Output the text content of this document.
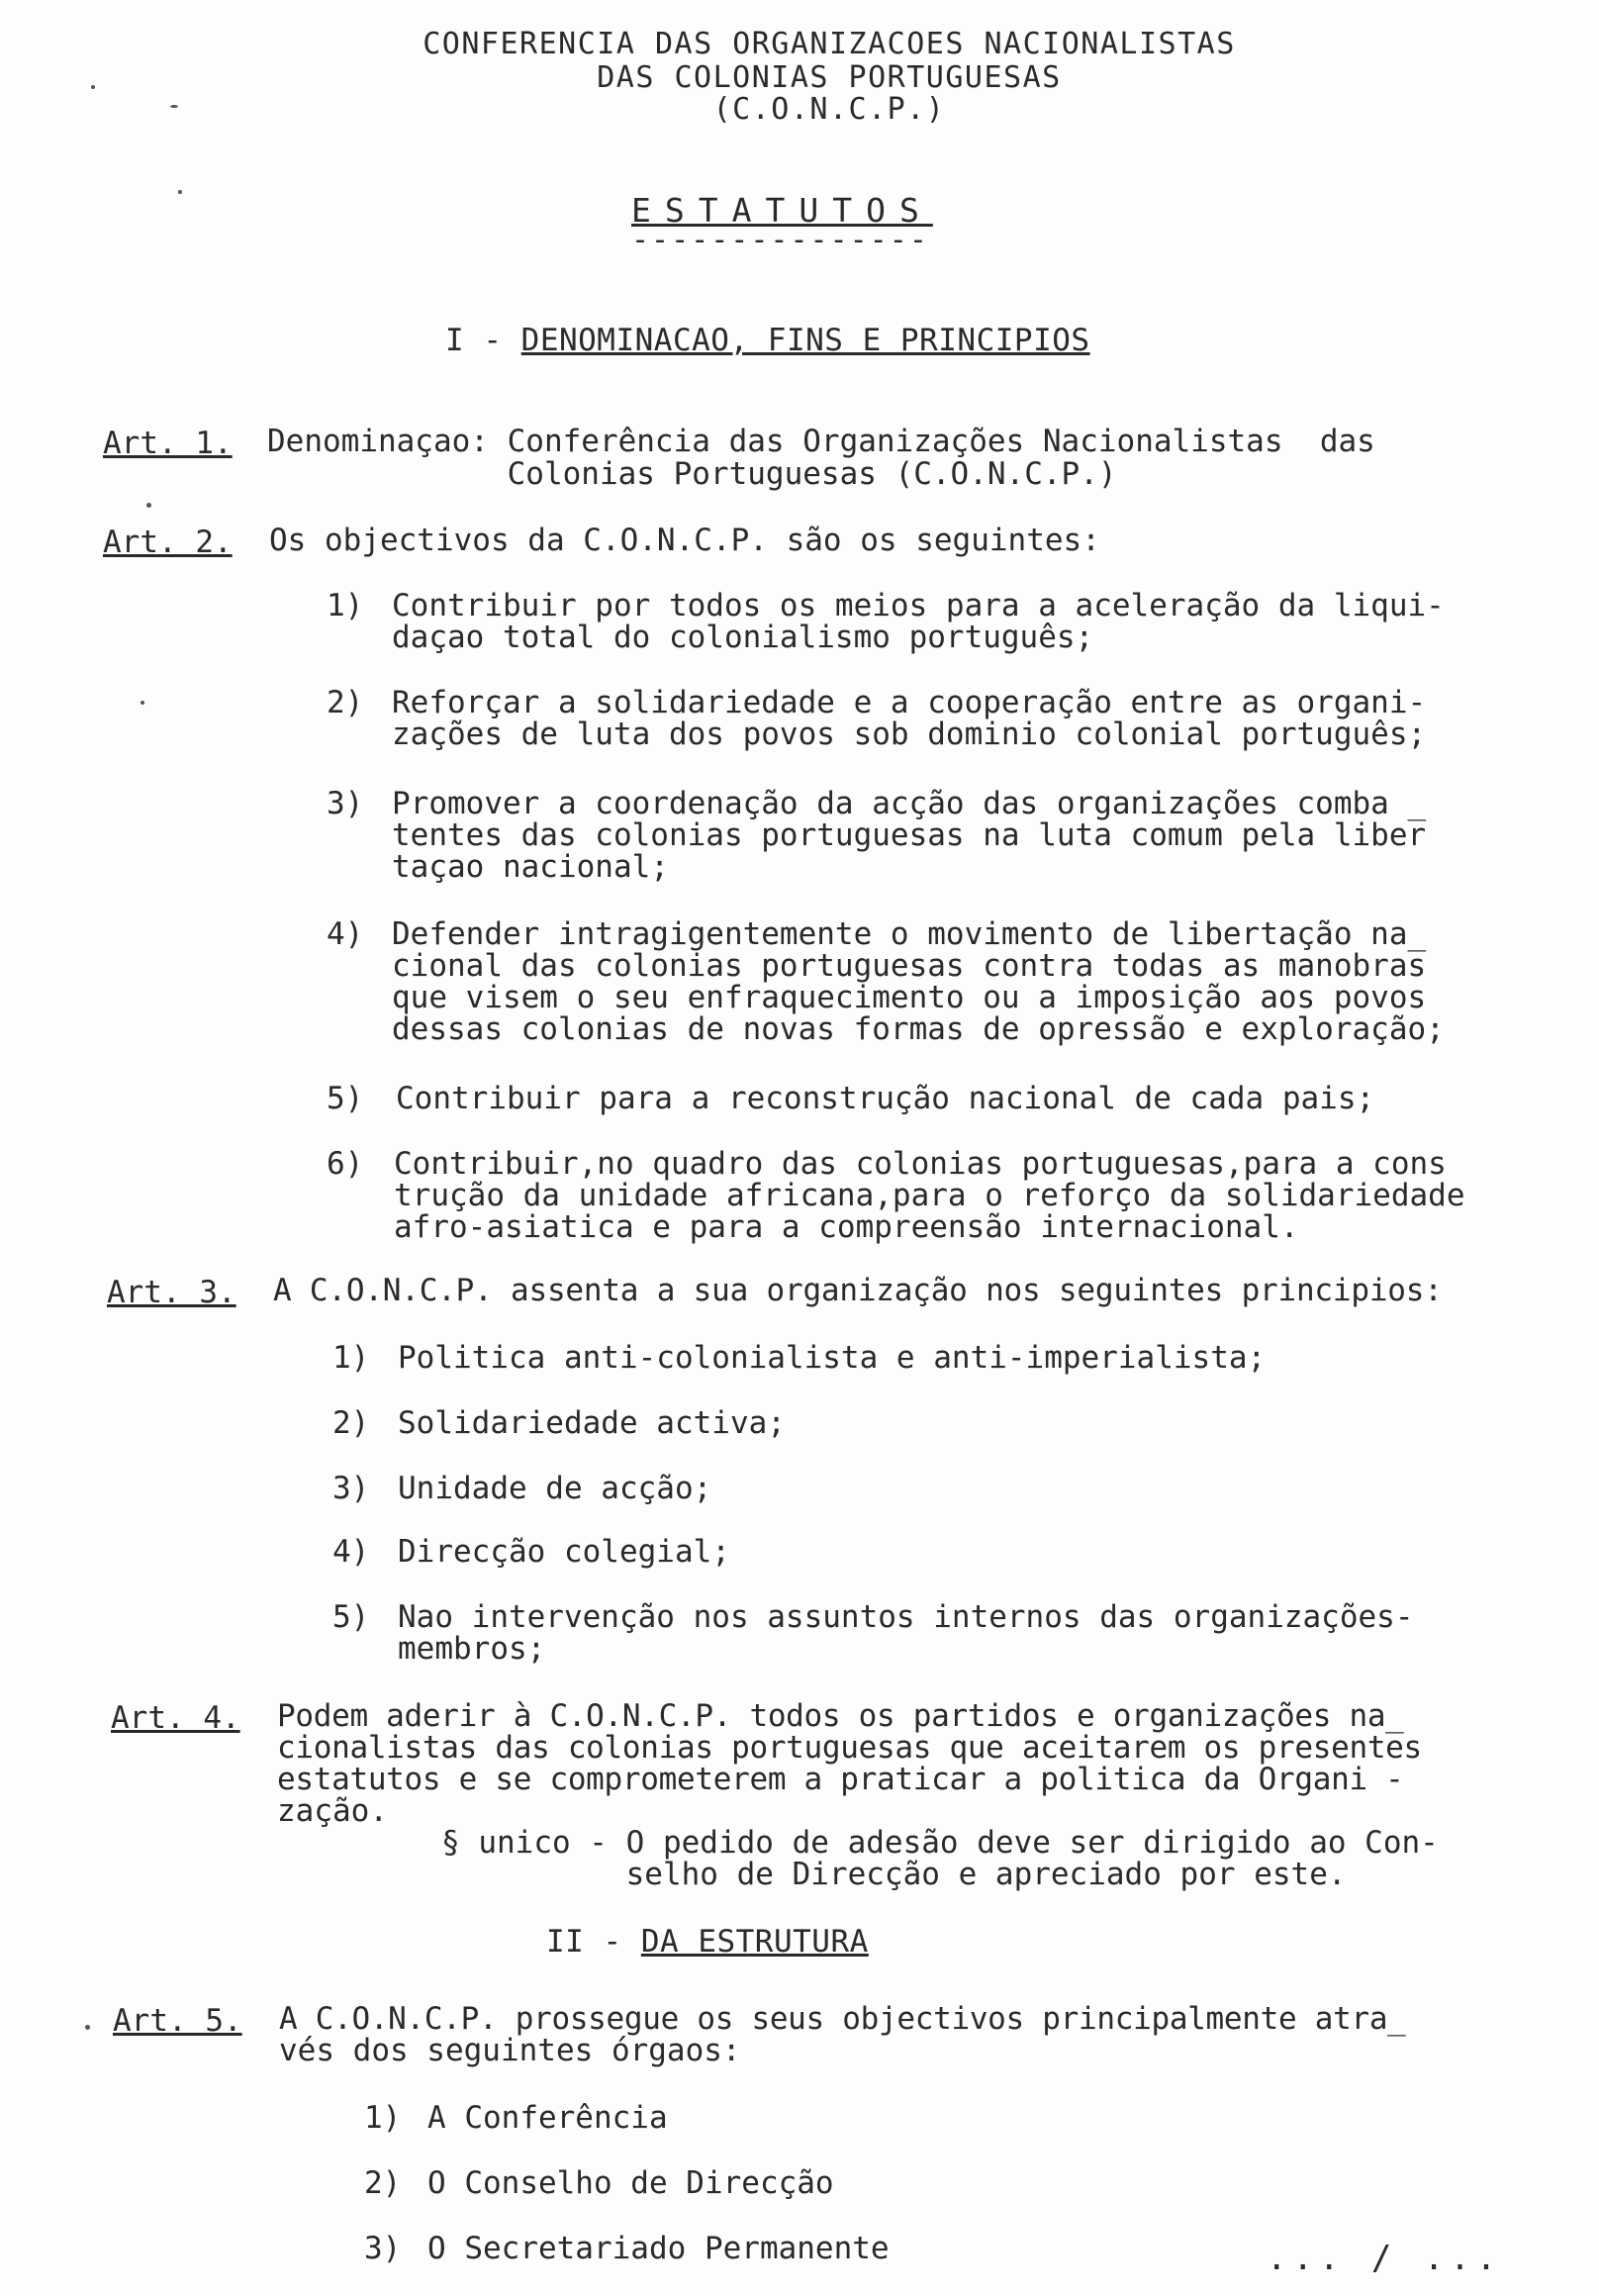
CONFERENCIA DAS ORGANIZACOES NACIONALISTAS
DAS COLONIAS PORTUGUESAS
(C.O.N.C.P.)
ESTATUTOS
---------------
I - DENOMINACAO, FINS E PRINCIPIOS
Art. 1. Denominaçao: Conferência das Organizações Nacionalistas  das
Colonias Portuguesas (C.O.N.C.P.)
Art. 2. Os objectivos da C.O.N.C.P. são os seguintes:
1) Contribuir por todos os meios para a aceleração da liqui-
daçao total do colonialismo português;
2) Reforçar a solidariedade e a cooperação entre as organi-
zações de luta dos povos sob dominio colonial português;
3) Promover a coordenação da acção das organizações comba _
tentes das colonias portuguesas na luta comum pela liber
taçao nacional;
4) Defender intragigentemente o movimento de libertação na_
cional das colonias portuguesas contra todas as manobras
que visem o seu enfraquecimento ou a imposição aos povos
dessas colonias de novas formas de opressão e exploração;
5) Contribuir para a reconstrução nacional de cada pais;
6) Contribuir,no quadro das colonias portuguesas,para a cons
trução da unidade africana,para o reforço da solidariedade
afro-asiatica e para a compreensão internacional.
Art. 3. A C.O.N.C.P. assenta a sua organização nos seguintes principios:
1) Politica anti-colonialista e anti-imperialista;
2) Solidariedade activa;
3) Unidade de acção;
4) Direcção colegial;
5) Nao intervenção nos assuntos internos das organizações-
membros;
Art. 4. Podem aderir à C.O.N.C.P. todos os partidos e organizações na_
cionalistas das colonias portuguesas que aceitarem os presentes
estatutos e se comprometerem a praticar a politica da Organi -
zação.
§ unico - O pedido de adesão deve ser dirigido ao Con-
selho de Direcção e apreciado por este.
II - DA ESTRUTURA
Art. 5. A C.O.N.C.P. prossegue os seus objectivos principalmente atra_
vés dos seguintes órgaos:
1) A Conferência
2) O Conselho de Direcção
3) O Secretariado Permanente	... / ...
